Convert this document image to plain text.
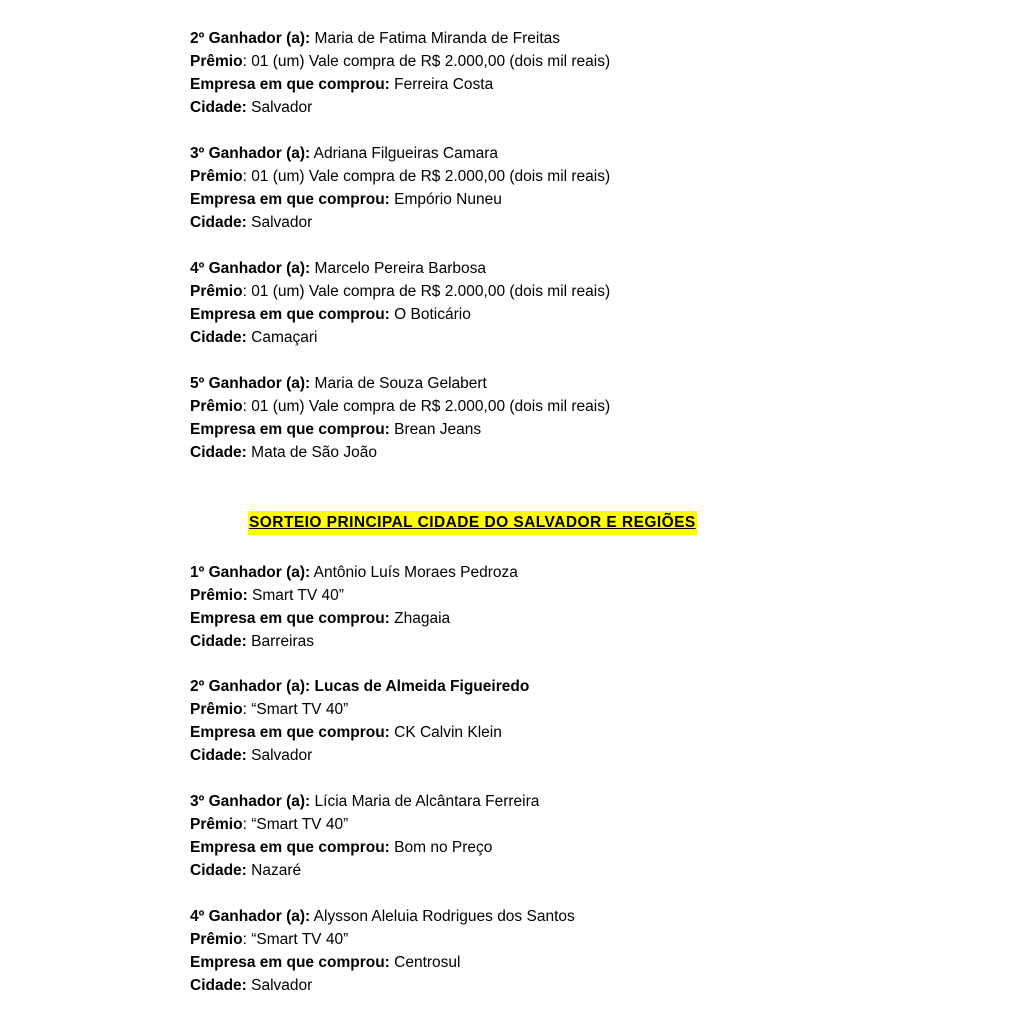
2º Ganhador (a): Maria de Fatima Miranda de Freitas
Prêmio: 01 (um) Vale compra de R$ 2.000,00 (dois mil reais)
Empresa em que comprou: Ferreira Costa
Cidade: Salvador
3º Ganhador (a): Adriana Filgueiras Camara
Prêmio: 01 (um) Vale compra de R$ 2.000,00 (dois mil reais)
Empresa em que comprou: Empório Nuneu
Cidade: Salvador
4º Ganhador (a): Marcelo Pereira Barbosa
Prêmio: 01 (um) Vale compra de R$ 2.000,00 (dois mil reais)
Empresa em que comprou: O Boticário
Cidade: Camaçari
5º Ganhador (a): Maria de Souza Gelabert
Prêmio: 01 (um) Vale compra de R$ 2.000,00 (dois mil reais)
Empresa em que comprou: Brean Jeans
Cidade: Mata de São João
SORTEIO PRINCIPAL CIDADE DO SALVADOR E REGIÕES
1º Ganhador (a): Antônio Luís Moraes Pedroza
Prêmio: Smart TV 40”
Empresa em que comprou: Zhagaia
Cidade: Barreiras
2º Ganhador (a): Lucas de Almeida Figueiredo
Prêmio: “Smart TV 40”
Empresa em que comprou: CK Calvin Klein
Cidade: Salvador
3º Ganhador (a): Lícia Maria de Alcântara Ferreira
Prêmio: “Smart TV 40”
Empresa em que comprou: Bom no Preço
Cidade: Nazaré
4º Ganhador (a): Alysson Aleluia Rodrigues dos Santos
Prêmio: “Smart TV 40”
Empresa em que comprou: Centrosul
Cidade: Salvador
